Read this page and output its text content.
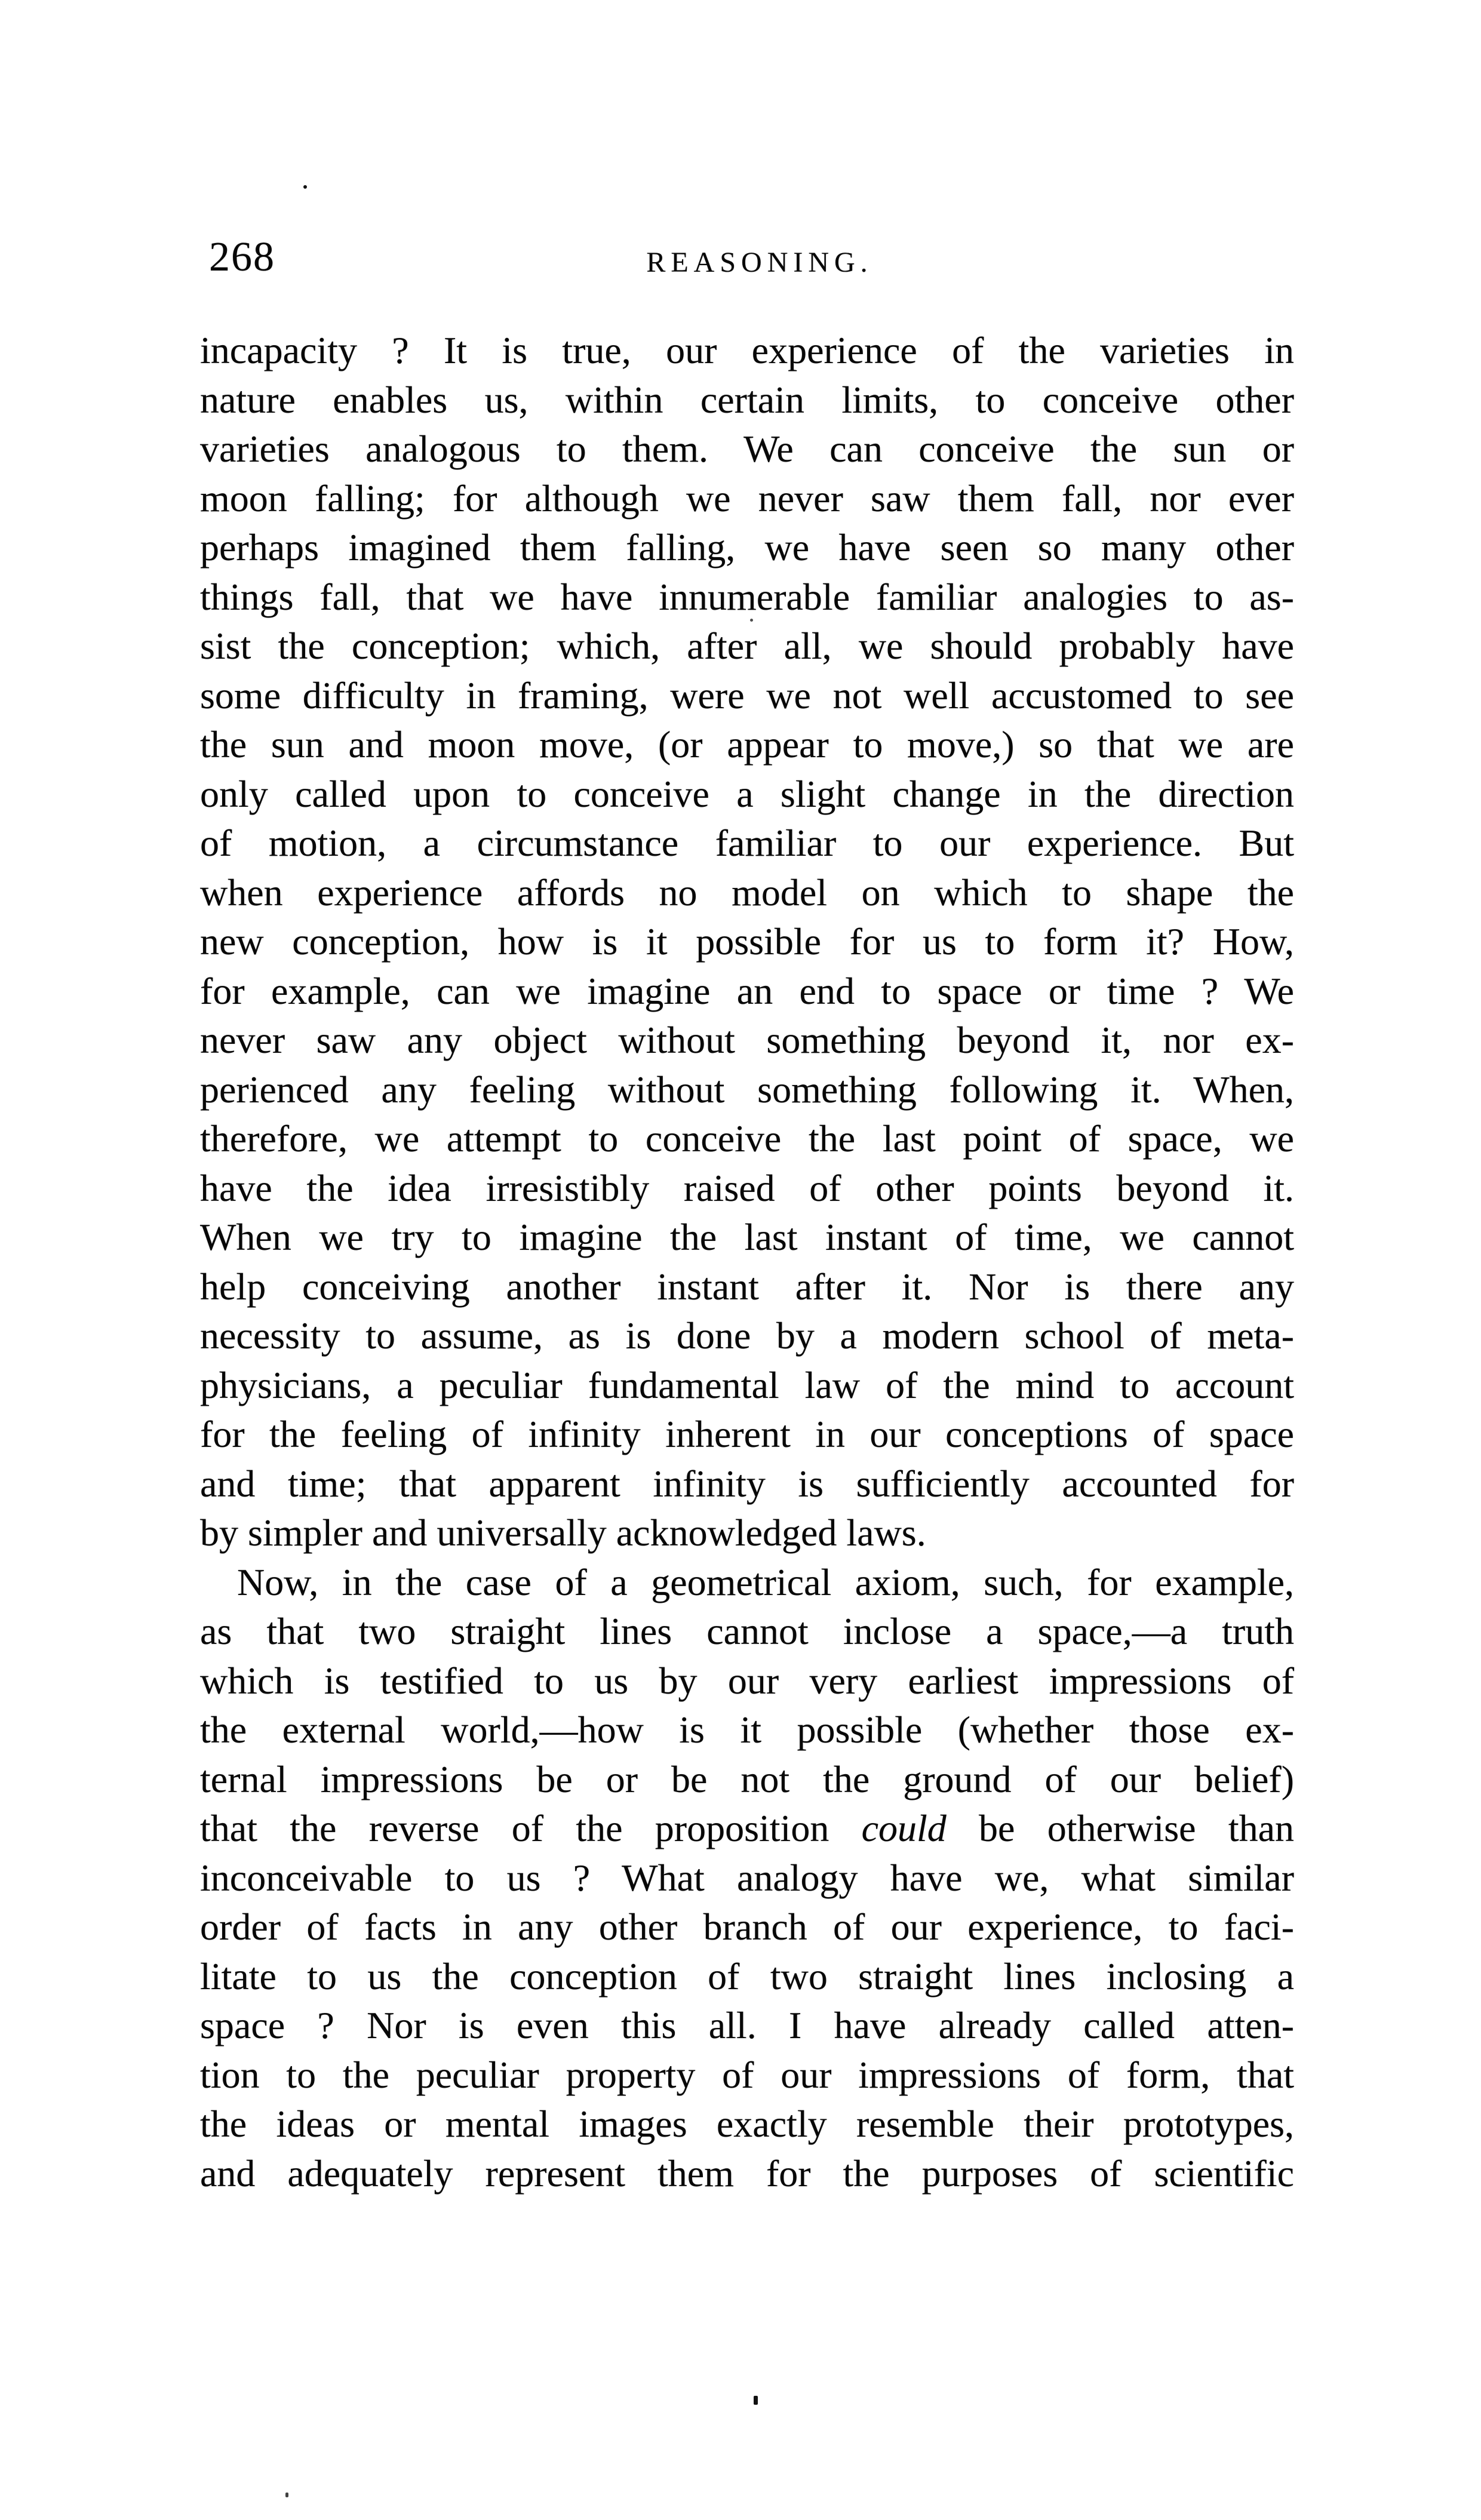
268	REASONING.
incapacity ? It is true, our experience of the varieties in
nature enables us, within certain limits, to conceive other
varieties analogous to them. We can conceive the sun or
moon falling; for although we never saw them fall, nor ever
perhaps imagined them falling, we have seen so many other
things fall, that we have innumerable familiar analogies to as-
sist the conception; which, after all, we should probably have
some difficulty in framing, were we not well accustomed to see
the sun and moon move, (or appear to move,) so that we are
only called upon to conceive a slight change in the direction
of motion, a circumstance familiar to our experience. But
when experience affords no model on which to shape the
new conception, how is it possible for us to form it? How,
for example, can we imagine an end to space or time ? We
never saw any object without something beyond it, nor ex-
perienced any feeling without something following it. When,
therefore, we attempt to conceive the last point of space, we
have the idea irresistibly raised of other points beyond it.
When we try to imagine the last instant of time, we cannot
help conceiving another instant after it. Nor is there any
necessity to assume, as is done by a modern school of meta-
physicians, a peculiar fundamental law of the mind to account
for the feeling of infinity inherent in our conceptions of space
and time; that apparent infinity is sufficiently accounted for
by simpler and universally acknowledged laws.
Now, in the case of a geometrical axiom, such, for example,
as that two straight lines cannot inclose a space,—a truth
which is testified to us by our very earliest impressions of
the external world,—how is it possible (whether those ex-
ternal impressions be or be not the ground of our belief)
that the reverse of the proposition could be otherwise than
inconceivable to us ? What analogy have we, what similar
order of facts in any other branch of our experience, to faci-
litate to us the conception of two straight lines inclosing a
space ? Nor is even this all. I have already called atten-
tion to the peculiar property of our impressions of form, that
the ideas or mental images exactly resemble their prototypes,
and adequately represent them for the purposes of scientific
